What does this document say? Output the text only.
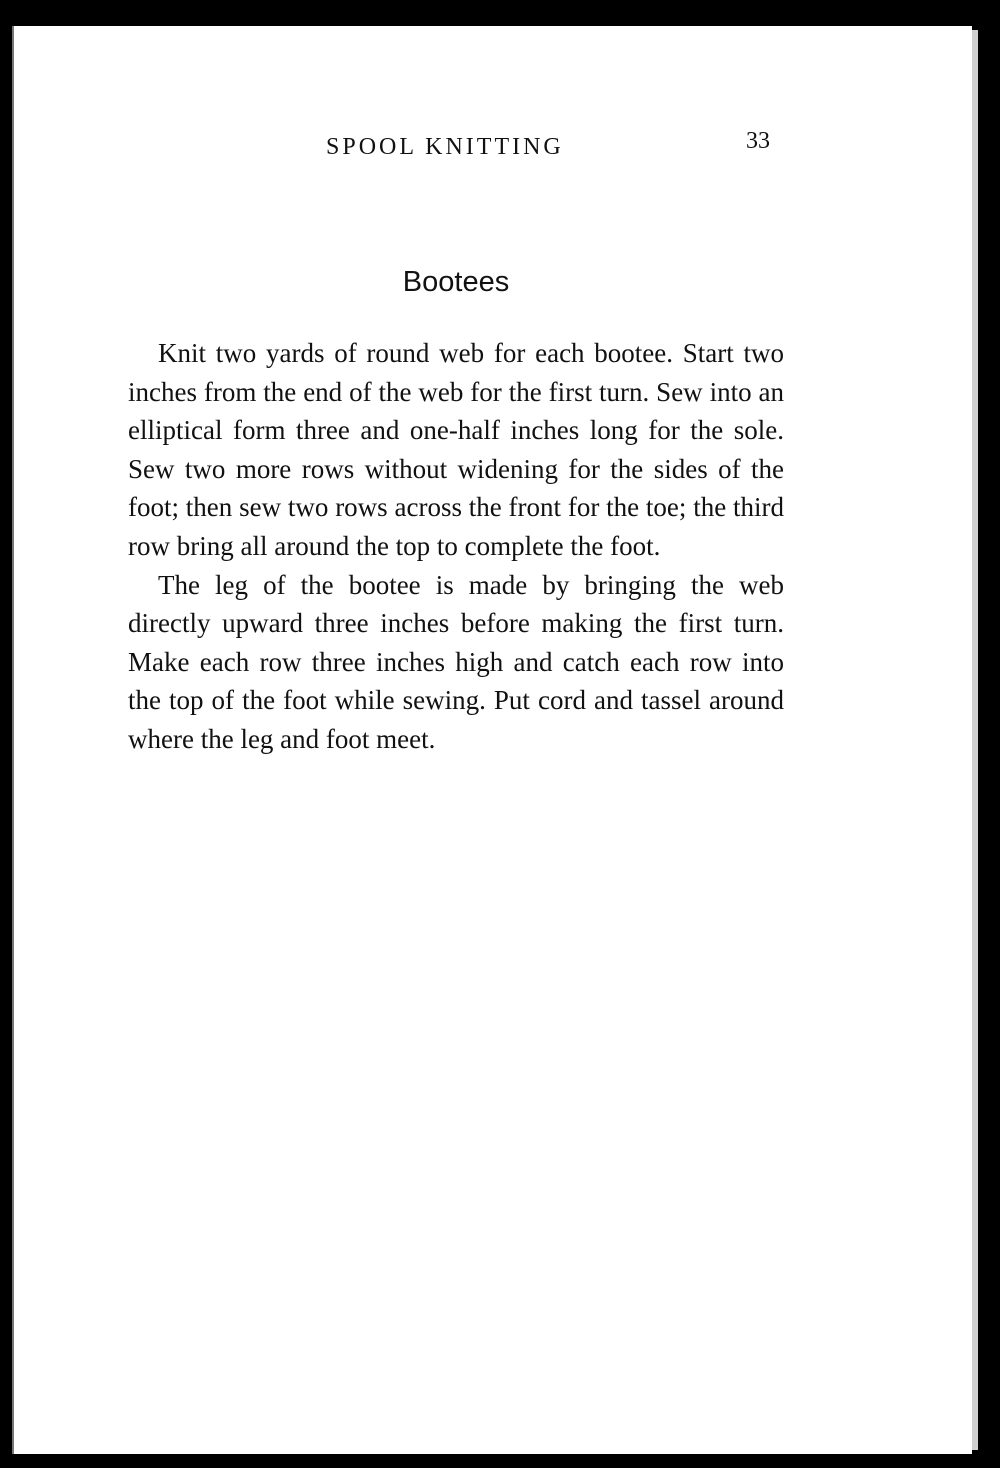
SPOOL KNITTING	33
Bootees

Knit two yards of round web for each bootee. Start two inches from the end of the web for the first turn. Sew into an elliptical form three and one-half inches long for the sole. Sew two more rows without widening for the sides of the foot; then sew two rows across the front for the toe; the third row bring all around the top to complete the foot.

The leg of the bootee is made by bringing the web directly upward three inches before making the first turn. Make each row three inches high and catch each row into the top of the foot while sewing. Put cord and tassel around where the leg and foot meet.
